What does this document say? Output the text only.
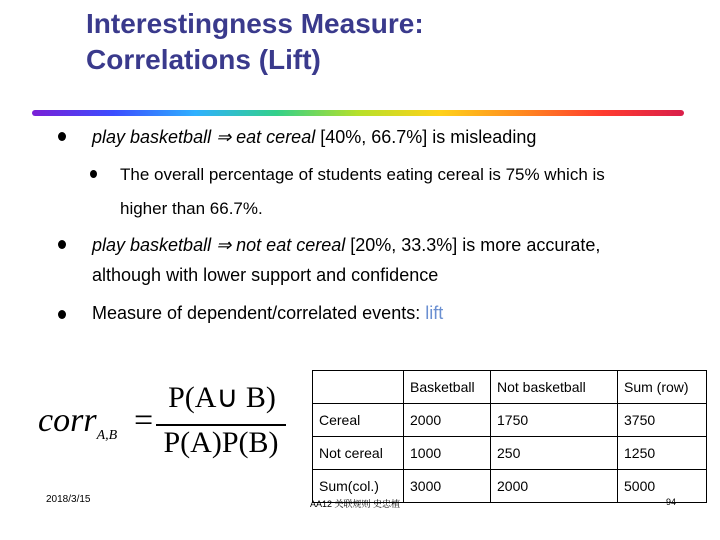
Interestingness Measure:
Correlations (Lift)
play basketball ⇒ eat cereal [40%, 66.7%] is misleading
The overall percentage of students eating cereal is 75% which is
higher than 66.7%.
play basketball ⇒ not eat cereal [20%, 33.3%] is more accurate,
although with lower support and confidence
Measure of dependent/correlated events: lift
corr$_{A,B}$ =
P(A∪ B)
P(A)P(B)
	Basketball	Not basketball	Sum (row)
Cereal	2000	1750	3750
Not cereal	1000	250	1250
Sum(col.)	3000	2000	5000
2018/3/15	AA12 关联规则 史忠植	94
